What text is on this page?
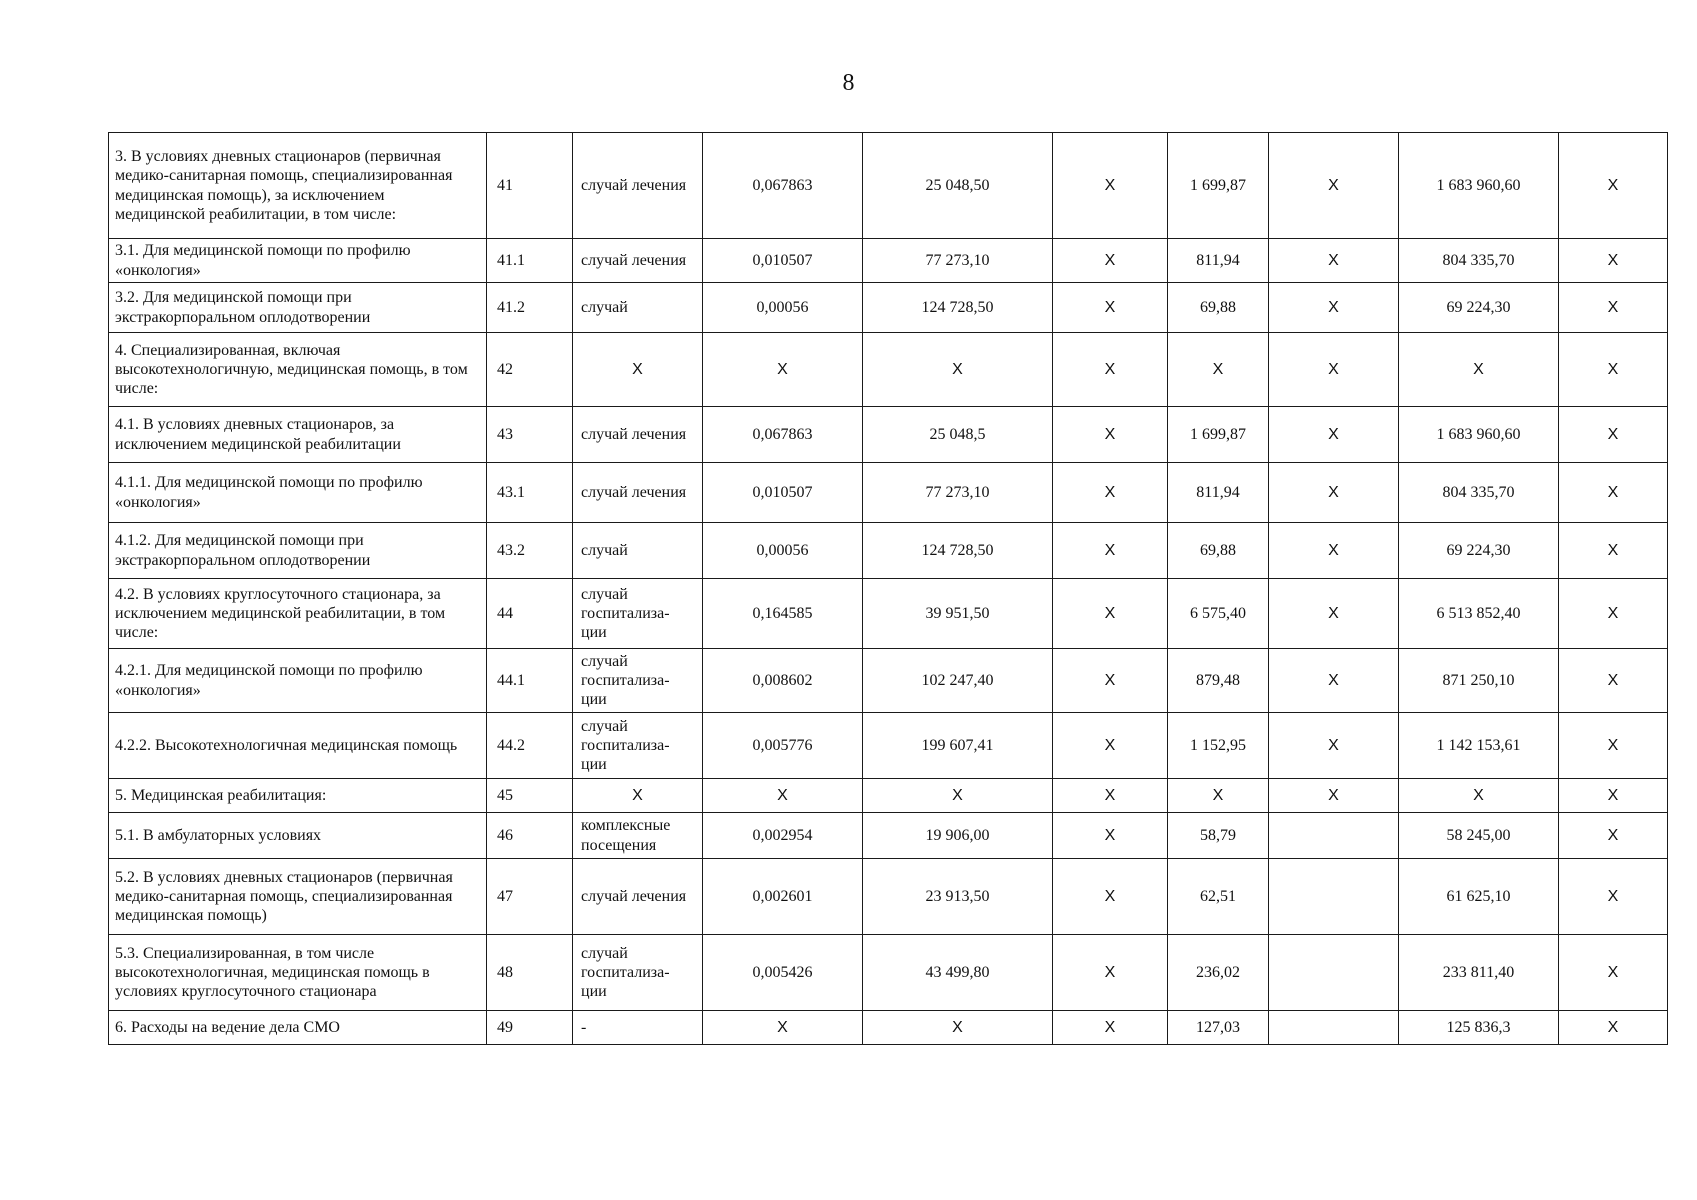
8
3. В условиях дневных стационаров (первичная медико-санитарная помощь, специализированная медицинская помощь), за исключением медицинской реабилитации, в том числе:	41	случай лечения	0,067863	25 048,50	X	1 699,87	X	1 683 960,60	X
3.1. Для медицинской помощи по профилю «онкология»	41.1	случай лечения	0,010507	77 273,10	X	811,94	X	804 335,70	X
3.2. Для медицинской помощи при экстракорпоральном оплодотворении	41.2	случай	0,00056	124 728,50	X	69,88	X	69 224,30	X
4. Специализированная, включая высокотехнологичную, медицинская помощь, в том числе:	42	X	X	X	X	X	X	X	X
4.1. В условиях дневных стационаров, за исключением медицинской реабилитации	43	случай лечения	0,067863	25 048,5	X	1 699,87	X	1 683 960,60	X
4.1.1. Для медицинской помощи по профилю «онкология»	43.1	случай лечения	0,010507	77 273,10	X	811,94	X	804 335,70	X
4.1.2. Для медицинской помощи при экстракорпоральном оплодотворении	43.2	случай	0,00056	124 728,50	X	69,88	X	69 224,30	X
4.2. В условиях круглосуточного стационара, за исключением медицинской реабилитации, в том числе:	44	случай госпитализа-ции	0,164585	39 951,50	X	6 575,40	X	6 513 852,40	X
4.2.1. Для медицинской помощи по профилю «онкология»	44.1	случай госпитализа-ции	0,008602	102 247,40	X	879,48	X	871 250,10	X
4.2.2. Высокотехнологичная медицинская помощь	44.2	случай госпитализа-ции	0,005776	199 607,41	X	1 152,95	X	1 142 153,61	X
5. Медицинская реабилитация:	45	X	X	X	X	X	X	X	X
5.1. В амбулаторных условиях	46	комплексные посещения	0,002954	19 906,00	X	58,79		58 245,00	X
5.2. В условиях дневных стационаров (первичная медико-санитарная помощь, специализированная медицинская помощь)	47	случай лечения	0,002601	23 913,50	X	62,51		61 625,10	X
5.3. Специализированная, в том числе высокотехнологичная, медицинская помощь в условиях круглосуточного стационара	48	случай госпитализа-ции	0,005426	43 499,80	X	236,02		233 811,40	X
6. Расходы на ведение дела СМО	49	-	X	X	X	127,03		125 836,3	X
